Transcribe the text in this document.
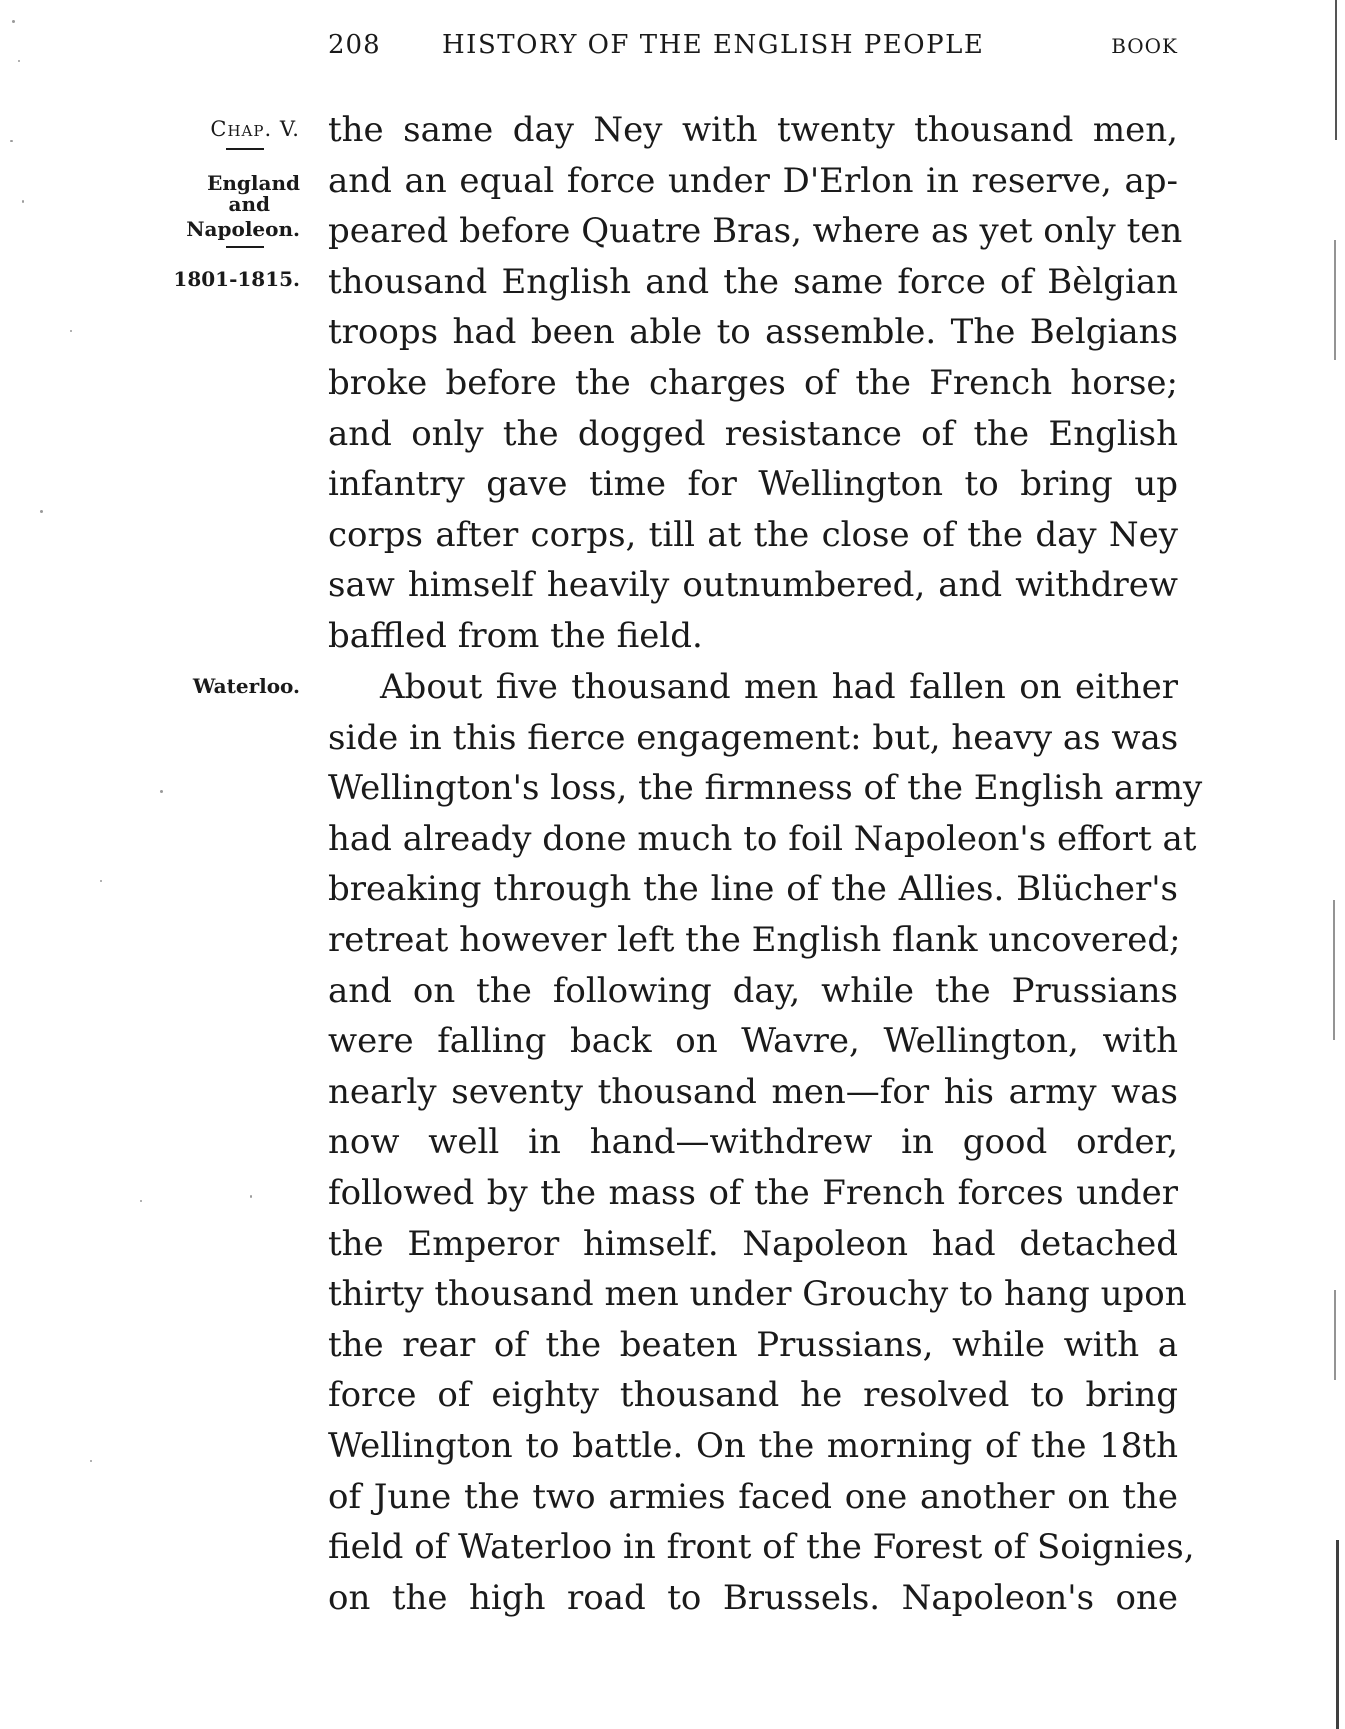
208 HISTORY OF THE ENGLISH PEOPLE	BOOK
Chap. V.
England
and
Napoleon.
1801-1815.
Waterloo.
the same day Ney with twenty thousand men,
and an equal force under D'Erlon in reserve, ap-
peared before Quatre Bras, where as yet only ten
thousand English and the same force of Bèlgian
troops had been able to assemble. The Belgians
broke before the charges of the French horse;
and only the dogged resistance of the English
infantry gave time for Wellington to bring up
corps after corps, till at the close of the day Ney
saw himself heavily outnumbered, and withdrew
baffled from the field.
About five thousand men had fallen on either
side in this fierce engagement: but, heavy as was
Wellington's loss, the firmness of the English army
had already done much to foil Napoleon's effort at
breaking through the line of the Allies. Blücher's
retreat however left the English flank uncovered;
and on the following day, while the Prussians
were falling back on Wavre, Wellington, with
nearly seventy thousand men—for his army was
now well in hand—withdrew in good order,
followed by the mass of the French forces under
the Emperor himself. Napoleon had detached
thirty thousand men under Grouchy to hang upon
the rear of the beaten Prussians, while with a
force of eighty thousand he resolved to bring
Wellington to battle. On the morning of the 18th
of June the two armies faced one another on the
field of Waterloo in front of the Forest of Soignies,
on the high road to Brussels. Napoleon's one
